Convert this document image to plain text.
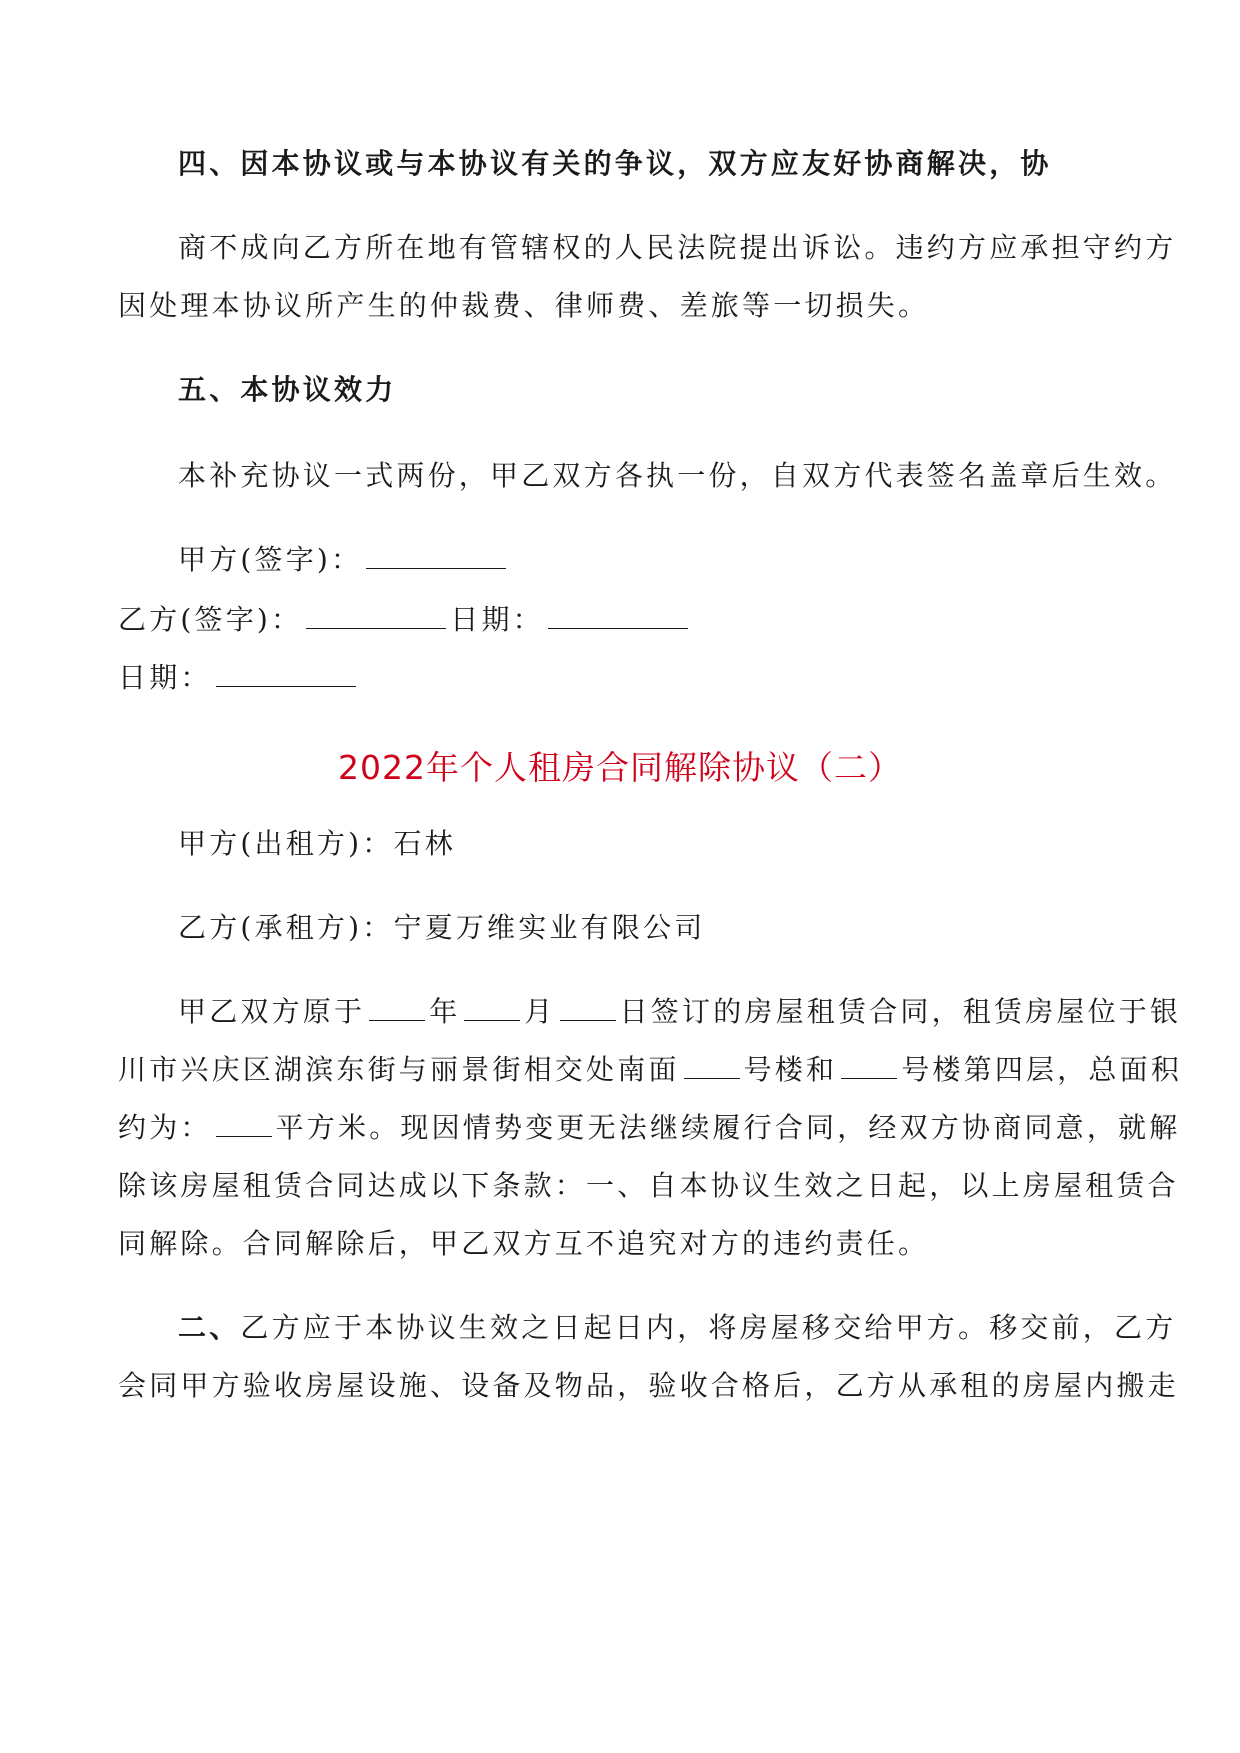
四、因本协议或与本协议有关的争议，双方应友好协商解决，协
商不成向乙方所在地有管辖权的人民法院提出诉讼。违约方应承担守约方
因处理本协议所产生的仲裁费、律师费、差旅等一切损失。
五、本协议效力
本补充协议一式两份，甲乙双方各执一份，自双方代表签名盖章后生效。
甲方(签字)：
乙方(签字)：	日期：
日期：
2022年个人租房合同解除协议（二）
甲方(出租方)：石林
乙方(承租方)：宁夏万维实业有限公司
甲乙双方原于 年 月 日签订的房屋租赁合同，租赁房屋位于银
川市兴庆区湖滨东街与丽景街相交处南面 号楼和 号楼第四层，总面积
约为： 平方米。现因情势变更无法继续履行合同，经双方协商同意，就解
除该房屋租赁合同达成以下条款：一、自本协议生效之日起，以上房屋租赁合
同解除。合同解除后，甲乙双方互不追究对方的违约责任。
二、乙方应于本协议生效之日起日内，将房屋移交给甲方。移交前，乙方
会同甲方验收房屋设施、设备及物品，验收合格后，乙方从承租的房屋内搬走
